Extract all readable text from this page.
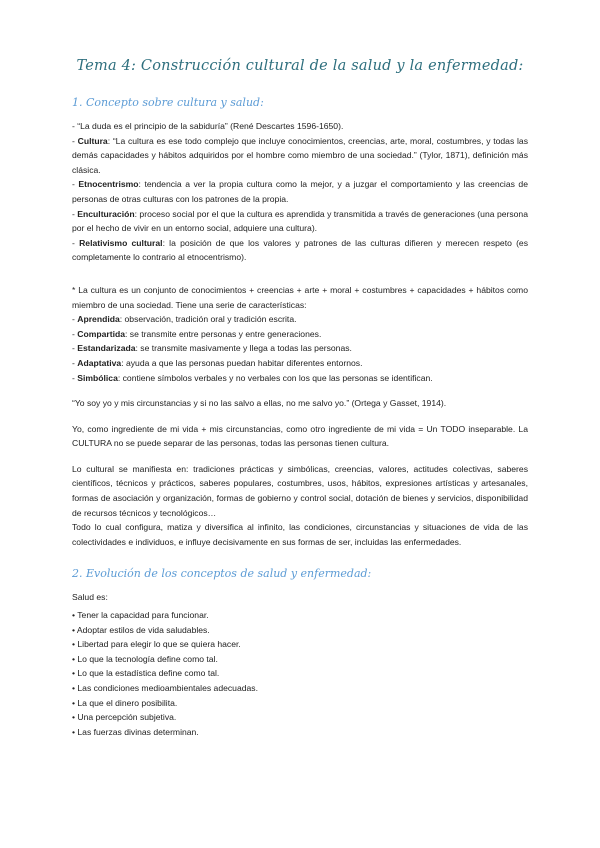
Tema 4: Construcción cultural de la salud y la enfermedad:
1. Concepto sobre cultura y salud:

- “La duda es el principio de la sabiduría” (René Descartes 1596-1650).

- Cultura: “La cultura es ese todo complejo que incluye conocimientos, creencias, arte, moral, costumbres, y todas las demás capacidades y hábitos adquiridos por el hombre como miembro de una sociedad.” (Tylor, 1871), definición más clásica.

- Etnocentrismo: tendencia a ver la propia cultura como la mejor, y a juzgar el comportamiento y las creencias de personas de otras culturas con los patrones de la propia.

- Enculturación: proceso social por el que la cultura es aprendida y transmitida a través de generaciones (una persona por el hecho de vivir en un entorno social, adquiere una cultura).

- Relativismo cultural: la posición de que los valores y patrones de las culturas difieren y merecen respeto (es completamente lo contrario al etnocentrismo).

* La cultura es un conjunto de conocimientos + creencias + arte + moral + costumbres + capacidades + hábitos como miembro de una sociedad. Tiene una serie de características:

- Aprendida: observación, tradición oral y tradición escrita.

- Compartida: se transmite entre personas y entre generaciones.

- Estandarizada: se transmite masivamente y llega a todas las personas.

- Adaptativa: ayuda a que las personas puedan habitar diferentes entornos.

- Simbólica: contiene símbolos verbales y no verbales con los que las personas se identifican.

“Yo soy yo y mis circunstancias y si no las salvo a ellas, no me salvo yo.” (Ortega y Gasset, 1914).

Yo, como ingrediente de mi vida + mis circunstancias, como otro ingrediente de mi vida = Un TODO inseparable. La CULTURA no se puede separar de las personas, todas las personas tienen cultura.

Lo cultural se manifiesta en: tradiciones prácticas y simbólicas, creencias, valores, actitudes colectivas, saberes científicos, técnicos y prácticos, saberes populares, costumbres, usos, hábitos, expresiones artísticas y artesanales, formas de asociación y organización, formas de gobierno y control social, dotación de bienes y servicios, disponibilidad de recursos técnicos y tecnológicos…

Todo lo cual configura, matiza y diversifica al infinito, las condiciones, circunstancias y situaciones de vida de las colectividades e individuos, e influye decisivamente en sus formas de ser, incluidas las enfermedades.

2. Evolución de los conceptos de salud y enfermedad:

Salud es:

• Tener la capacidad para funcionar.

• Adoptar estilos de vida saludables.

• Libertad para elegir lo que se quiera hacer.

• Lo que la tecnología define como tal.

• Lo que la estadística define como tal.

• Las condiciones medioambientales adecuadas.

• La que el dinero posibilita.

• Una percepción subjetiva.

• Las fuerzas divinas determinan.
